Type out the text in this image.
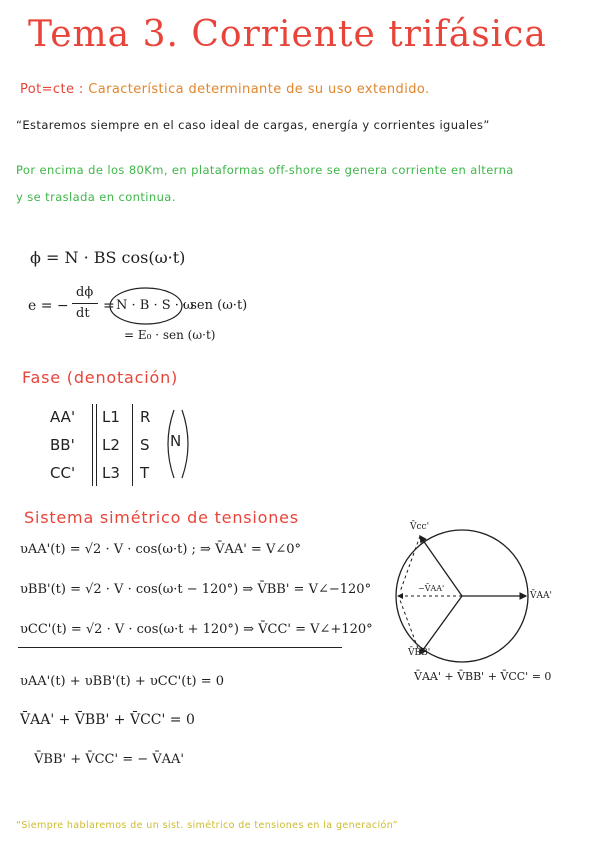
Tema 3. Corriente trifásica
Pot=cte : Característica determinante de su uso extendido.
“Estaremos siempre en el caso ideal de cargas, energía y corrientes iguales”
Por encima de los 80Km, en plataformas off-shore se genera corriente en alterna
y se traslada en continua.
ϕ = N · BS cos(ω·t)
e = −
dϕ
dt = N · B · S · ω
· sen (ω·t)
= E₀ · sen (ω·t)
Fase (denotación)
AA'
BB'
CC'
L1
L2
L3
R
S
T
N
Sistema simétrico de tensiones
υAA'(t) = √2 · V · cos(ω·t) ; ⇒ V̄AA' = V∠0°
υBB'(t) = √2 · V · cos(ω·t − 120°) ⇒ V̄BB' = V∠−120°
υCC'(t) = √2 · V · cos(ω·t + 120°) ⇒ V̄CC' = V∠+120°
υAA'(t) + υBB'(t) + υCC'(t) = 0
V̄AA' + V̄BB' + V̄CC' = 0
V̄BB' + V̄CC' = − V̄AA'
V̄cc'
V̄AA'
V̄BB'
−V̄AA'
V̄AA' + V̄BB' + V̄CC' = 0
“Siempre hablaremos de un sist. simétrico de tensiones en la generación”
